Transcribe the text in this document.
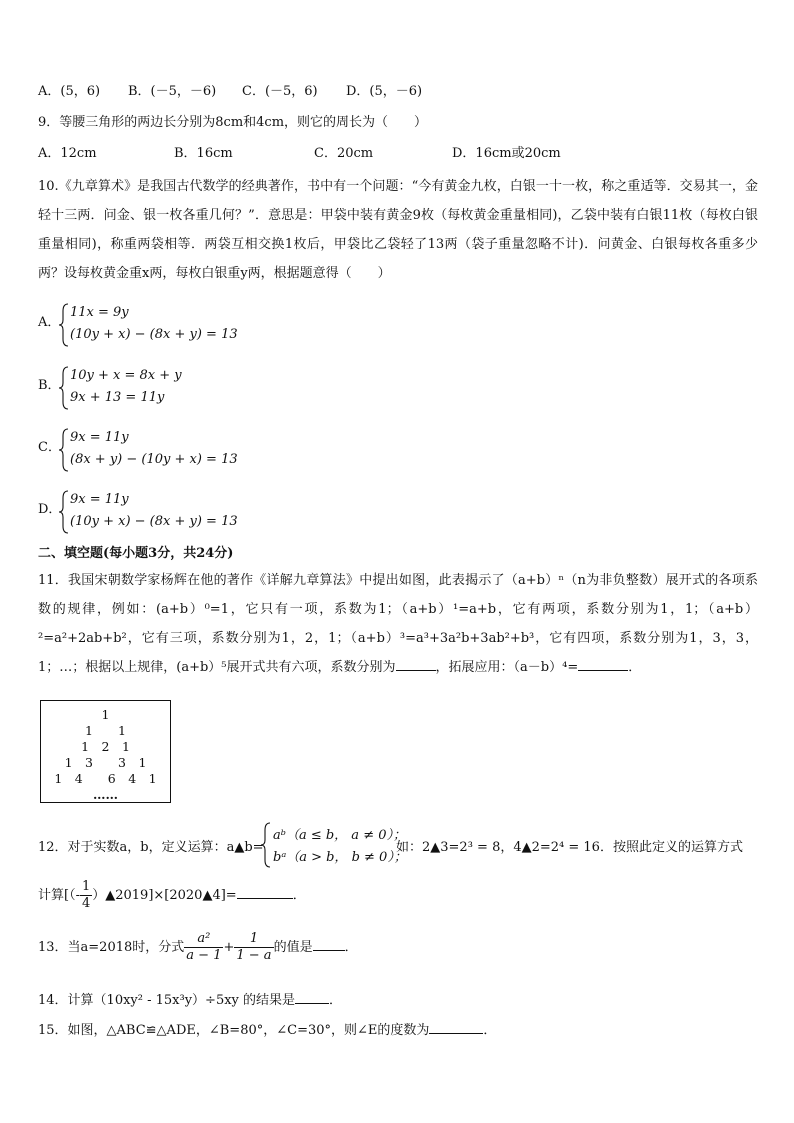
A．(5，6) B．(－5，－6) C．(－5，6) D．(5，－6)
9．等腰三角形的两边长分别为8cm和4cm，则它的周长为（　　）
A．12cm	B．16cm	C．20cm	D．16cm或20cm
10.《九章算术》是我国古代数学的经典著作，书中有一个问题：“今有黄金九枚，白银一十一枚，称之重适等．交易其一，金轻十三两．问金、银一枚各重几何？”．意思是：甲袋中装有黄金9枚（每枚黄金重量相同)，乙袋中装有白银11枚（每枚白银重量相同)，称重两袋相等．两袋互相交换1枚后，甲袋比乙袋轻了13两（袋子重量忽略不计)．问黄金、白银每枚各重多少两？设每枚黄金重x两，每枚白银重y两，根据题意得（　　）
A．
11x = 9y
(10y + x) − (8x + y) = 13
B．
10y + x = 8x + y
9x + 13 = 11y
C．
9x = 11y
(8x + y) − (10y + x) = 13
D．
9x = 11y
(10y + x) − (8x + y) = 13
二、填空题(每小题3分，共24分)
11．我国宋朝数学家杨辉在他的著作《详解九章算法》中提出如图，此表揭示了（a+b）ⁿ（n为非负整数）展开式的各项系数的规律，例如：(a+b）⁰=1，它只有一项，系数为1；（a+b）¹=a+b，它有两项，系数分别为1，1；（a+b）²=a²+2ab+b²，它有三项，系数分别为1，2，1；（a+b）³=a³+3a²b+3ab²+b³，它有四项，系数分别为1，3，3，1；…；根据以上规律，(a+b）⁵展开式共有六项，系数分别为	，拓展应用：（a－b）⁴=	．
1
1　　1
1　2　1
1　3　　3　1
1　4　　6　4　1
……
12．对于实数a，b，定义运算：a▲b=
aᵇ（a ≤ b， a ≠ 0）；
bᵃ（a > b， b ≠ 0）；
如：2▲3=2³ = 8，4▲2=2⁴ = 16．按照此定义的运算方式
计算[（- $\frac{1}{4}$ ）▲2019]×[2020▲4]=	．
13．当a=2018时，分式 $\frac{\text{a²}}{a - 1} + \frac{1}{1 - a}$ 的值是 ．
14．计算（10xy² - 15x³y）÷5xy 的结果是	．
15．如图，△ABC≌△ADE，∠B=80°，∠C=30°，则∠E的度数为	．
